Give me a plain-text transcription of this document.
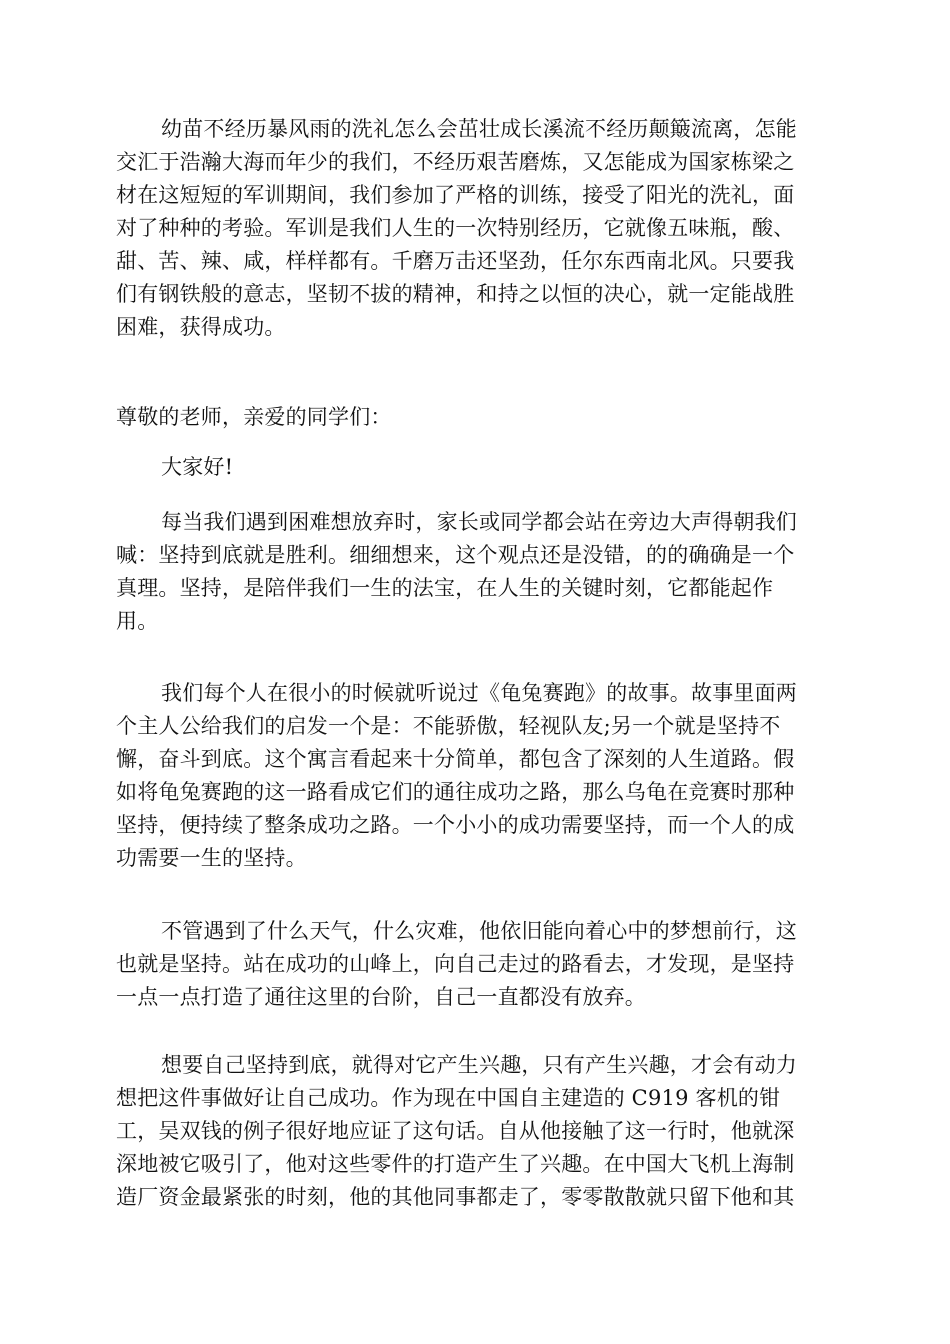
幼苗不经历暴风雨的洗礼怎么会茁壮成长溪流不经历颠簸流离，怎能
交汇于浩瀚大海而年少的我们，不经历艰苦磨炼，又怎能成为国家栋梁之
材在这短短的军训期间，我们参加了严格的训练，接受了阳光的洗礼，面
对了种种的考验。军训是我们人生的一次特别经历，它就像五味瓶，酸、
甜、苦、辣、咸，样样都有。千磨万击还坚劲，任尔东西南北风。只要我
们有钢铁般的意志，坚韧不拔的精神，和持之以恒的决心，就一定能战胜
困难，获得成功。
尊敬的老师，亲爱的同学们：
大家好!
每当我们遇到困难想放弃时，家长或同学都会站在旁边大声得朝我们
喊：坚持到底就是胜利。细细想来，这个观点还是没错，的的确确是一个
真理。坚持，是陪伴我们一生的法宝，在人生的关键时刻，它都能起作
用。
我们每个人在很小的时候就听说过《龟兔赛跑》的故事。故事里面两
个主人公给我们的启发一个是：不能骄傲，轻视队友;另一个就是坚持不
懈，奋斗到底。这个寓言看起来十分简单，都包含了深刻的人生道路。假
如将龟兔赛跑的这一路看成它们的通往成功之路，那么乌龟在竞赛时那种
坚持，便持续了整条成功之路。一个小小的成功需要坚持，而一个人的成
功需要一生的坚持。
不管遇到了什么天气，什么灾难，他依旧能向着心中的梦想前行，这
也就是坚持。站在成功的山峰上，向自己走过的路看去，才发现，是坚持
一点一点打造了通往这里的台阶，自己一直都没有放弃。
想要自己坚持到底，就得对它产生兴趣，只有产生兴趣，才会有动力
想把这件事做好让自己成功。作为现在中国自主建造的 C919 客机的钳
工，吴双钱的例子很好地应证了这句话。自从他接触了这一行时，他就深
深地被它吸引了，他对这些零件的打造产生了兴趣。在中国大飞机上海制
造厂资金最紧张的时刻，他的其他同事都走了，零零散散就只留下他和其
